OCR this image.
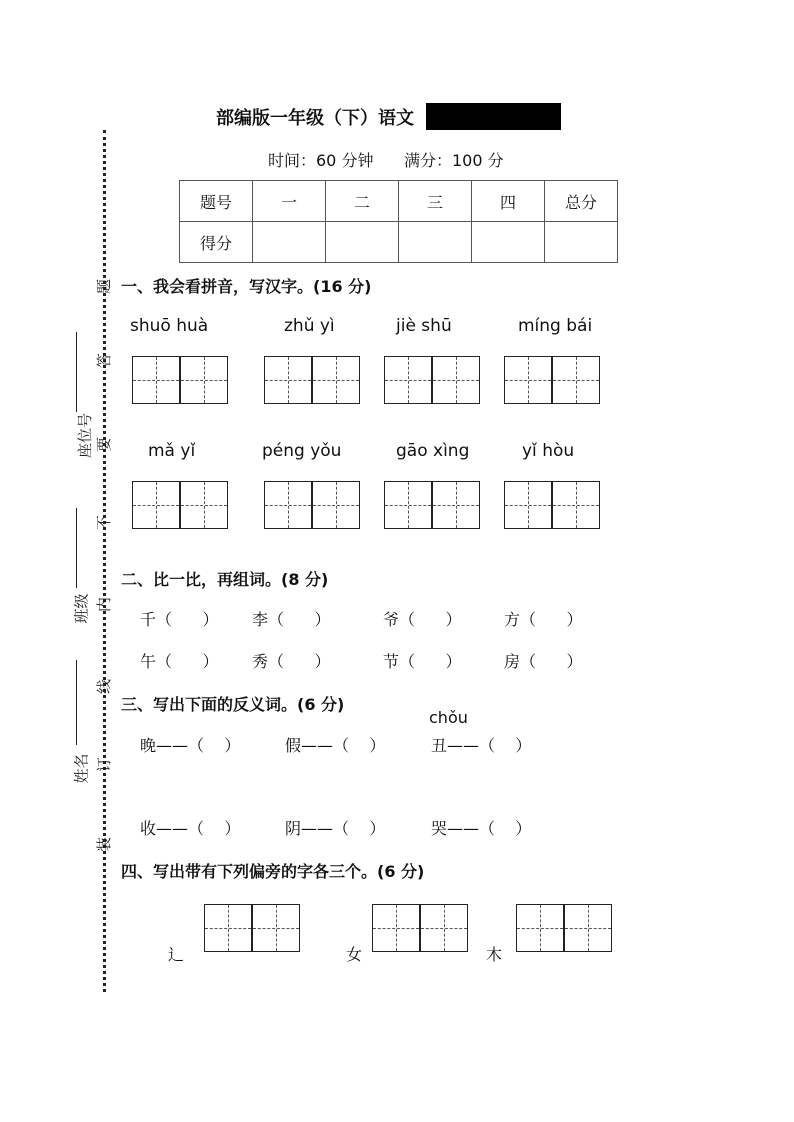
座位号
班级
姓名
题
答
要
不
内
线
订
装
部编版一年级（下）语文
时间：60 分钟      满分：100 分
题号	一	二	三	四	总分
得分					
一、我会看拼音，写汉字。(16 分)
shuō huà	zhǔ yì	jiè shū	míng bái
mǎ yǐ	péng yǒu	gāo xìng	yǐ hòu
二、比一比，再组词。(8 分)
千（      ） 李（      ）	爷（      ）	方（      ）
午（      ） 秀（      ）	节（      ）	房（      ）
三、写出下面的反义词。(6 分)
chǒu
晚——（    ）	假——（    ）	丑——（    ）
收——（    ）	阴——（    ）	哭——（    ）
四、写出带有下列偏旁的字各三个。(6 分)
辶	女	木
